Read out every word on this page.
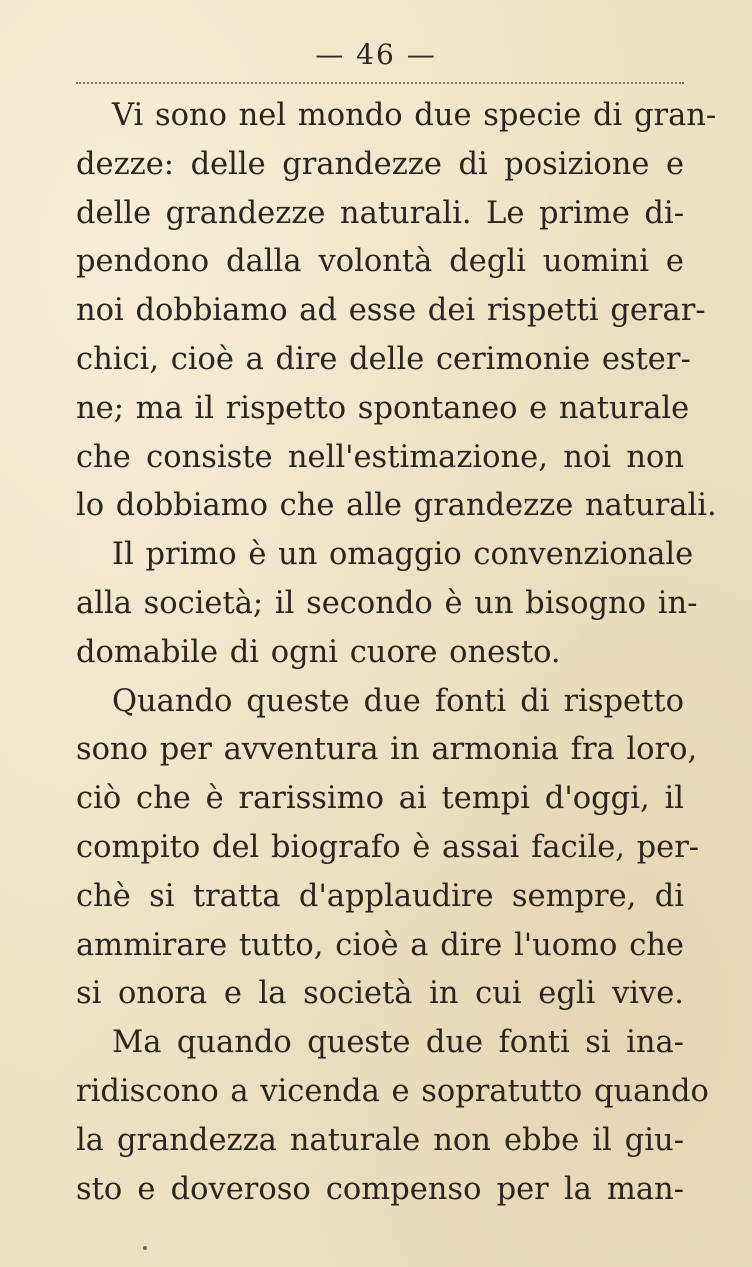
— 46 —
Vi sono nel mondo due specie di gran-
dezze: delle grandezze di posizione e
delle grandezze naturali. Le prime di-
pendono dalla volontà degli uomini e
noi dobbiamo ad esse dei rispetti gerar-
chici, cioè a dire delle cerimonie ester-
ne; ma il rispetto spontaneo e naturale
che consiste nell'estimazione, noi non
lo dobbiamo che alle grandezze naturali.
Il primo è un omaggio convenzionale
alla società; il secondo è un bisogno in-
domabile di ogni cuore onesto.
Quando queste due fonti di rispetto
sono per avventura in armonia fra loro,
ciò che è rarissimo ai tempi d'oggi, il
compito del biografo è assai facile, per-
chè si tratta d'applaudire sempre, di
ammirare tutto, cioè a dire l'uomo che
si onora e la società in cui egli vive.
Ma quando queste due fonti si ina-
ridiscono a vicenda e sopratutto quando
la grandezza naturale non ebbe il giu-
sto e doveroso compenso per la man-
